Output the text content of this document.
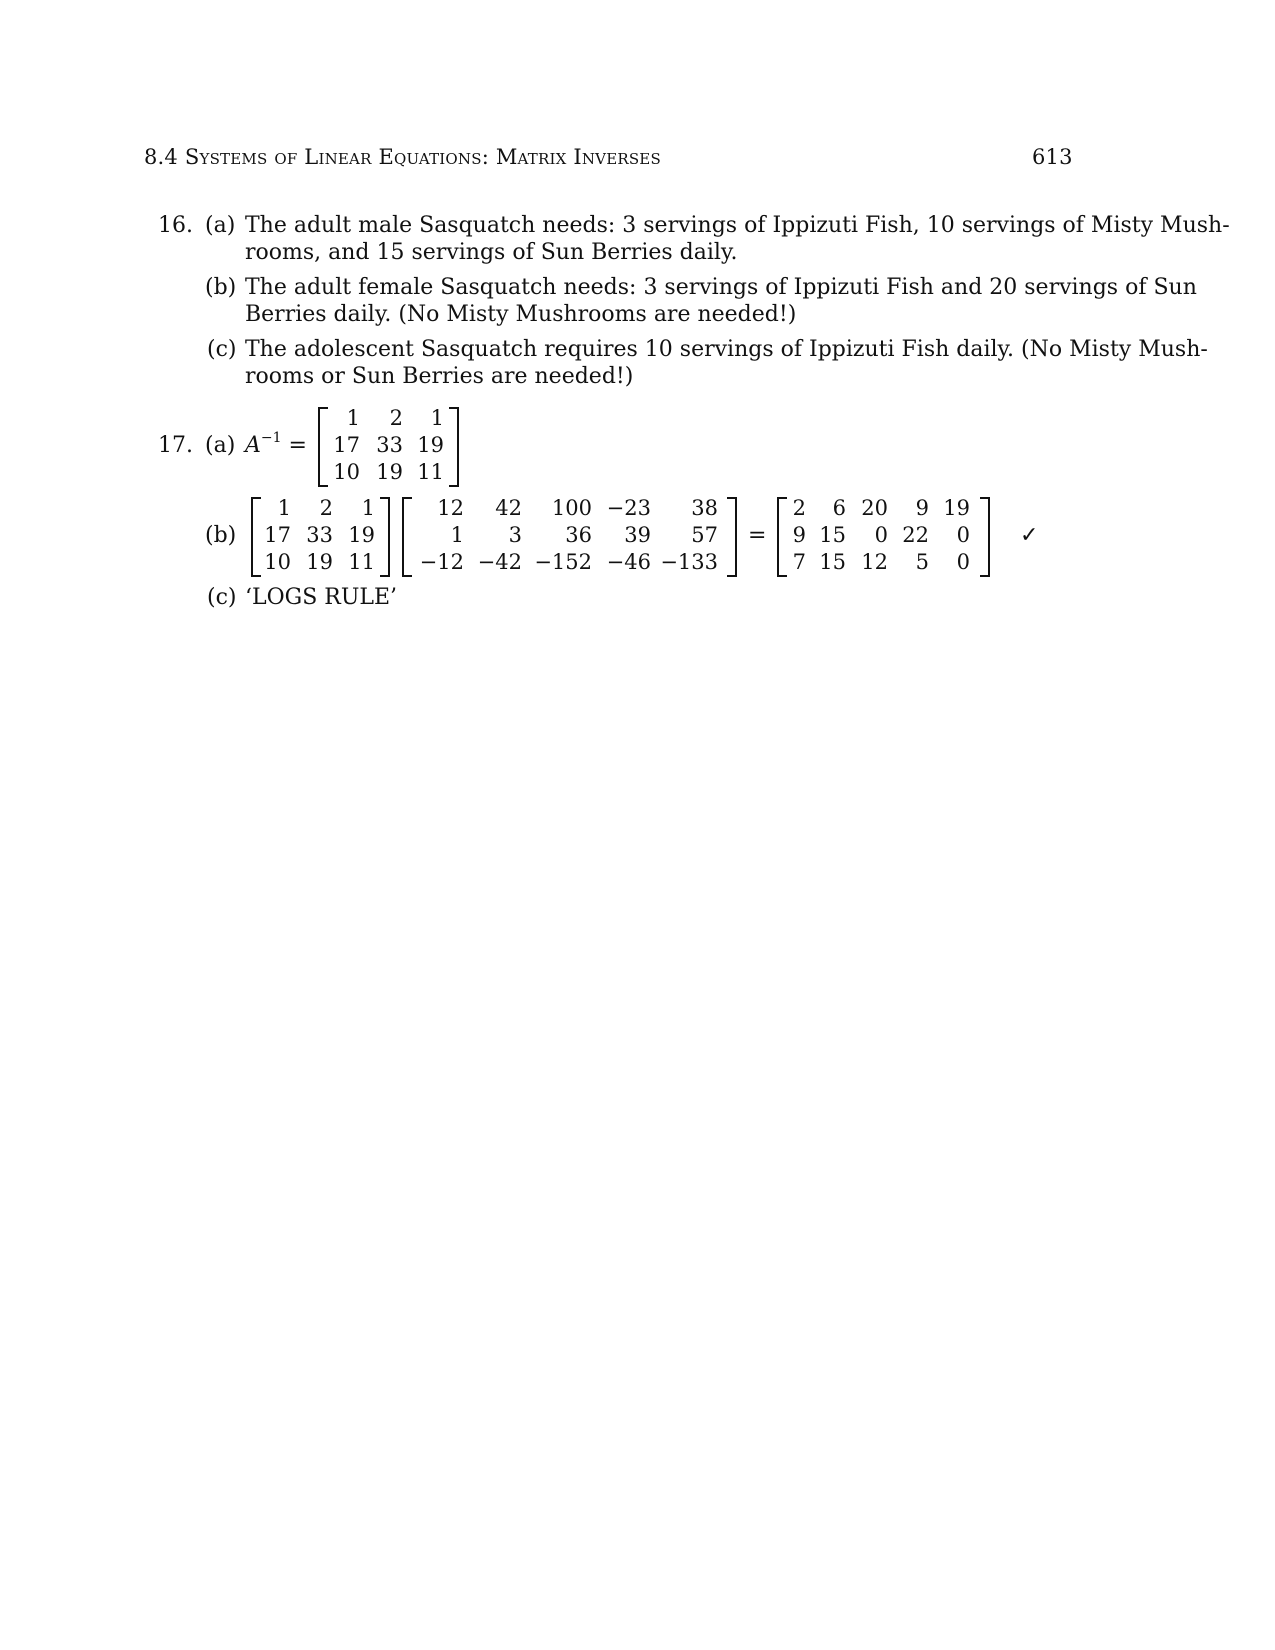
8.4 Systems of Linear Equations: Matrix Inverses	613
16. (a) The adult male Sasquatch needs: 3 servings of Ippizuti Fish, 10 servings of Misty Mush-
rooms, and 15 servings of Sun Berries daily.
(b) The adult female Sasquatch needs: 3 servings of Ippizuti Fish and 20 servings of Sun
Berries daily. (No Misty Mushrooms are needed!)
(c) The adolescent Sasquatch requires 10 servings of Ippizuti Fish daily. (No Misty Mush-
rooms or Sun Berries are needed!)
17. (a) $A^{-1}$ =
1	2	1
17	33	19
10	19	11
(b)
1	2	1
17	33	19
10	19	11
12	42	100	−23	38
1	3	36	39	57
−12	−42	−152	−46	−133
=
2	6	20	9	19
9	15	0	22	0
7	15	12	5	0
✓
(c) ‘LOGS RULE’
